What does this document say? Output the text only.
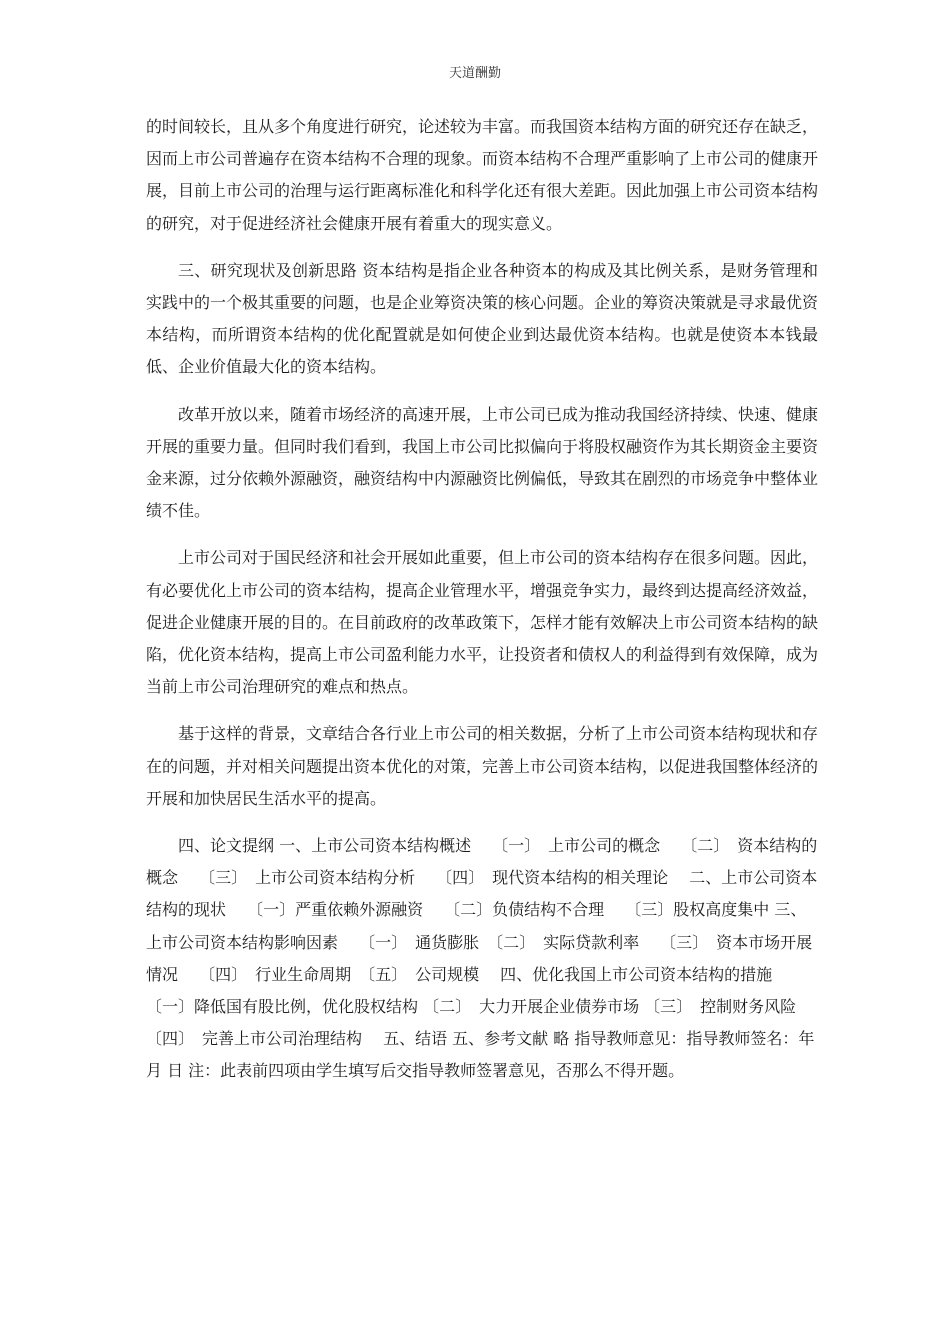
天道酬勤

的时间较长，且从多个角度进行研究，论述较为丰富。而我国资本结构方面的研究还存在缺乏，因而上市公司普遍存在资本结构不合理的现象。而资本结构不合理严重影响了上市公司的健康开展，目前上市公司的治理与运行距离标准化和科学化还有很大差距。因此加强上市公司资本结构的研究，对于促进经济社会健康开展有着重大的现实意义。

三、研究现状及创新思路 资本结构是指企业各种资本的构成及其比例关系，是财务管理和实践中的一个极其重要的问题，也是企业筹资决策的核心问题。企业的筹资决策就是寻求最优资本结构，而所谓资本结构的优化配置就是如何使企业到达最优资本结构。也就是使资本本钱最低、企业价值最大化的资本结构。

改革开放以来，随着市场经济的高速开展，上市公司已成为推动我国经济持续、快速、健康开展的重要力量。但同时我们看到，我国上市公司比拟偏向于将股权融资作为其长期资金主要资金来源，过分依赖外源融资，融资结构中内源融资比例偏低，导致其在剧烈的市场竞争中整体业绩不佳。

上市公司对于国民经济和社会开展如此重要，但上市公司的资本结构存在很多问题。因此，有必要优化上市公司的资本结构，提高企业管理水平，增强竞争实力，最终到达提高经济效益，促进企业健康开展的目的。在目前政府的改革政策下，怎样才能有效解决上市公司资本结构的缺陷，优化资本结构，提高上市公司盈利能力水平，让投资者和债权人的利益得到有效保障，成为当前上市公司治理研究的难点和热点。

基于这样的背景，文章结合各行业上市公司的相关数据，分析了上市公司资本结构现状和存在的问题，并对相关问题提出资本优化的对策，完善上市公司资本结构，以促进我国整体经济的开展和加快居民生活水平的提高。

四、论文提纲 一、上市公司资本结构概述　 〔一〕　上市公司的概念　 〔二〕　资本结构的概念　 〔三〕　上市公司资本结构分析　 〔四〕　现代资本结构的相关理论　 二、上市公司资本结构的现状　 〔一〕严重依赖外源融资　 〔二〕负债结构不合理　 〔三〕股权高度集中 三、上市公司资本结构影响因素　 〔一〕　通货膨胀　〔二〕　实际贷款利率　 〔三〕　资本市场开展情况　 〔四〕　行业生命周期　〔五〕　公司规模　 四、优化我国上市公司资本结构的措施　 〔一〕降低国有股比例，优化股权结构 〔二〕　大力开展企业债券市场 〔三〕　控制财务风险　 〔四〕　完善上市公司治理结构　 五、结语 五、参考文献 略 指导教师意见：指导教师签名：年 月 日 注：此表前四项由学生填写后交指导教师签署意见，否那么不得开题。
